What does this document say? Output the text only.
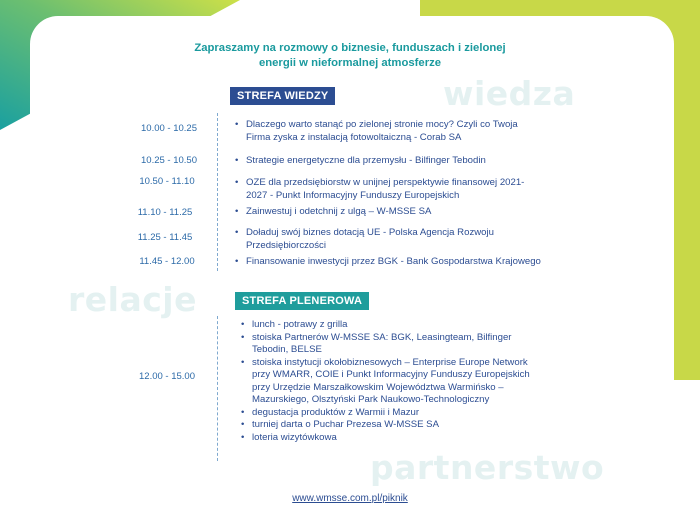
wiedza
relacje
partnerstwo
Zapraszamy na rozmowy o biznesie, funduszach i zielonej
energii w nieformalnej atmosferze
STREFA WIEDZY
10.00 - 10.25	• Dlaczego warto stanąć po zielonej stronie mocy? Czyli co Twoja
Firma zyska z instalacją fotowoltaiczną - Corab SA
10.25 - 10.50	• Strategie energetyczne dla przemysłu - Bilfinger Tebodin
10.50 - 11.10	• OZE dla przedsiębiorstw w unijnej perspektywie finansowej 2021-
2027 - Punkt Informacyjny Funduszy Europejskich
11.10 - 11.25	• Zainwestuj i odetchnij z ulgą – W-MSSE SA
11.25 - 11.45	• Doładuj swój biznes dotacją UE - Polska Agencja Rozwoju
Przedsiębiorczości
11.45 - 12.00	• Finansowanie inwestycji przez BGK - Bank Gospodarstwa Krajowego
STREFA PLENEROWA
12.00 - 15.00
• lunch - potrawy z grilla
• stoiska Partnerów W-MSSE SA: BGK, Leasingteam, Bilfinger
Tebodin, BELSE
• stoiska instytucji okołobiznesowych – Enterprise Europe Network
przy WMARR, COIE i Punkt Informacyjny Funduszy Europejskich
przy Urzędzie Marszałkowskim Województwa Warmińsko –
Mazurskiego, Olsztyński Park Naukowo-Technologiczny
• degustacja produktów z Warmii i Mazur
• turniej darta o Puchar Prezesa W-MSSE SA
• loteria wizytówkowa
www.wmsse.com.pl/piknik
